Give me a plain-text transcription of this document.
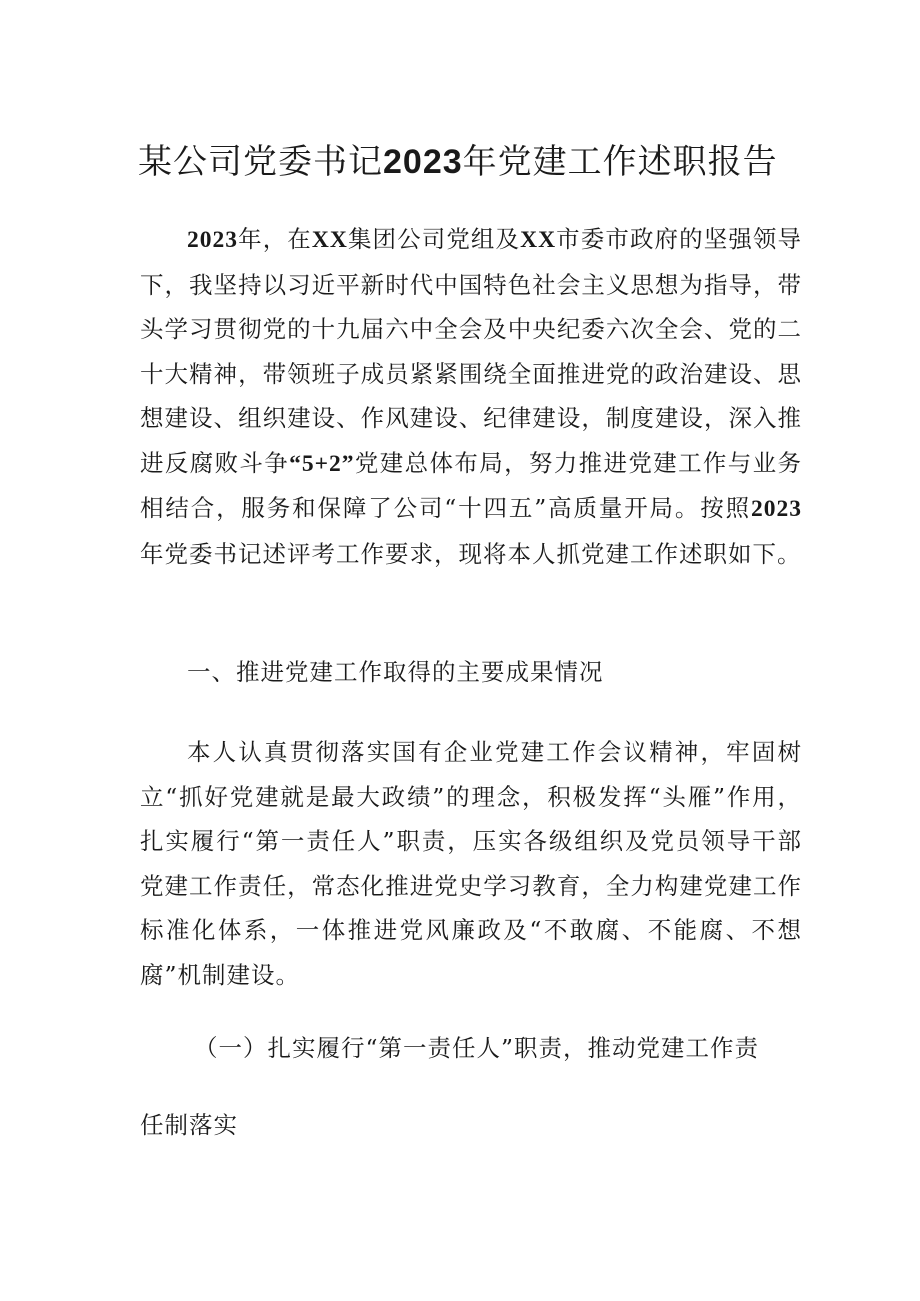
某公司党委书记2023年党建工作述职报告
2023年，在XX集团公司党组及XX市委市政府的坚强领导下，我坚持以习近平新时代中国特色社会主义思想为指导，带头学习贯彻党的十九届六中全会及中央纪委六次全会、党的二十大精神，带领班子成员紧紧围绕全面推进党的政治建设、思想建设、组织建设、作风建设、纪律建设，制度建设，深入推进反腐败斗争“5+2”党建总体布局，努力推进党建工作与业务相结合，服务和保障了公司“十四五”高质量开局。按照2023年党委书记述评考工作要求，现将本人抓党建工作述职如下。
一、推进党建工作取得的主要成果情况
本人认真贯彻落实国有企业党建工作会议精神，牢固树立“抓好党建就是最大政绩”的理念，积极发挥“头雁”作用，扎实履行“第一责任人”职责，压实各级组织及党员领导干部党建工作责任，常态化推进党史学习教育，全力构建党建工作标准化体系，一体推进党风廉政及“不敢腐、不能腐、不想腐”机制建设。
（一）扎实履行“第一责任人”职责，推动党建工作责
任制落实
